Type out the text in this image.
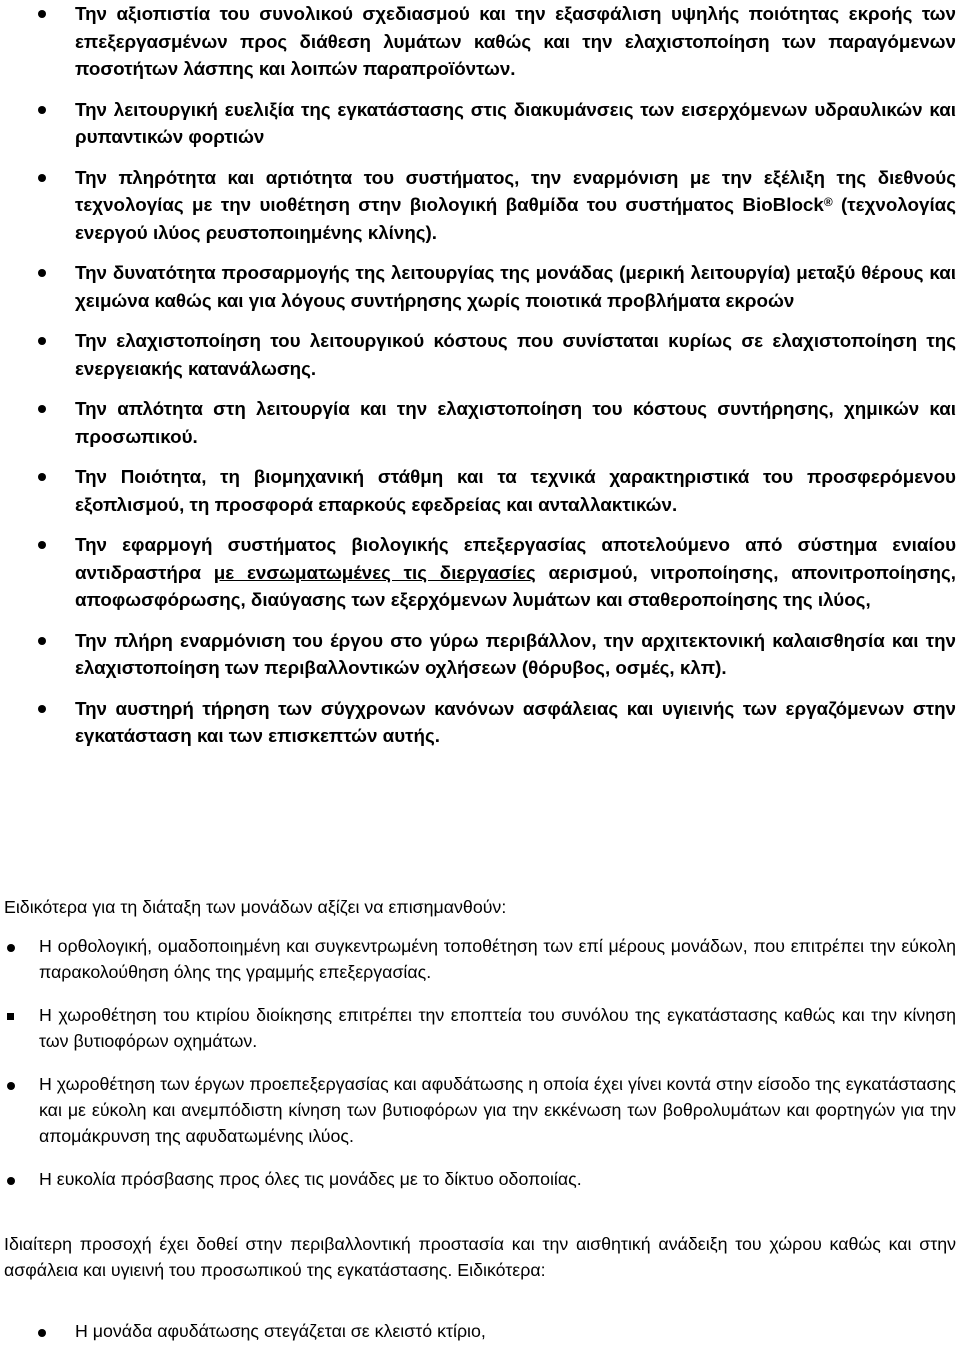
Την αξιοπιστία του συνολικού σχεδιασμού και την εξασφάλιση υψηλής ποιότητας εκροής των επεξεργασμένων προς διάθεση λυμάτων καθώς και την ελαχιστοποίηση των παραγόμενων ποσοτήτων λάσπης και λοιπών παραπροϊόντων.
Την λειτουργική ευελιξία της εγκατάστασης στις διακυμάνσεις των εισερχόμενων υδραυλικών και ρυπαντικών φορτιών
Την πληρότητα και αρτιότητα του συστήματος, την εναρμόνιση με την εξέλιξη της διεθνούς τεχνολογίας με την υιοθέτηση στην βιολογική βαθμίδα του συστήματος BioBlock® (τεχνολογίας ενεργού ιλύος ρευστοποιημένης κλίνης).
Την δυνατότητα προσαρμογής της λειτουργίας της μονάδας (μερική λειτουργία) μεταξύ θέρους και χειμώνα καθώς και για λόγους συντήρησης χωρίς ποιοτικά προβλήματα εκροών
Την ελαχιστοποίηση του λειτουργικού κόστους που συνίσταται κυρίως σε ελαχιστοποίηση της ενεργειακής κατανάλωσης.
Την απλότητα στη λειτουργία και την ελαχιστοποίηση του κόστους συντήρησης, χημικών και προσωπικού.
Την Ποιότητα, τη βιομηχανική στάθμη και τα τεχνικά χαρακτηριστικά του προσφερόμενου εξοπλισμού, τη προσφορά επαρκούς εφεδρείας και ανταλλακτικών.
Την εφαρμογή συστήματος βιολογικής επεξεργασίας αποτελούμενο από σύστημα ενιαίου αντιδραστήρα με ενσωματωμένες τις διεργασίες αερισμού, νιτροποίησης, απονιτροποίησης, αποφωσφόρωσης, διαύγασης των εξερχόμενων λυμάτων και σταθεροποίησης της ιλύος,
Την πλήρη εναρμόνιση του έργου στο γύρω περιβάλλον, την αρχιτεκτονική καλαισθησία και την ελαχιστοποίηση των περιβαλλοντικών οχλήσεων (θόρυβος, οσμές, κλπ).
Την αυστηρή τήρηση των σύγχρονων κανόνων ασφάλειας και υγιεινής των εργαζόμενων στην εγκατάσταση και των επισκεπτών αυτής.
Ειδικότερα για τη διάταξη των μονάδων αξίζει να επισημανθούν:
Η ορθολογική, ομαδοποιημένη και συγκεντρωμένη τοποθέτηση των επί μέρους μονάδων, που επιτρέπει την εύκολη παρακολούθηση όλης της γραμμής επεξεργασίας.
Η χωροθέτηση του κτιρίου διοίκησης επιτρέπει την εποπτεία του συνόλου της εγκατάστασης καθώς και την κίνηση των βυτιοφόρων οχημάτων.
Η χωροθέτηση των έργων προεπεξεργασίας και αφυδάτωσης η οποία έχει γίνει κοντά στην είσοδο της εγκατάστασης και με εύκολη και ανεμπόδιστη κίνηση των βυτιοφόρων για την εκκένωση των βοθρολυμάτων και φορτηγών για την απομάκρυνση της αφυδατωμένης ιλύος.
Η ευκολία πρόσβασης προς όλες τις μονάδες με το δίκτυο οδοποιίας.
Ιδιαίτερη προσοχή έχει δοθεί στην περιβαλλοντική προστασία και την αισθητική ανάδειξη του χώρου καθώς και στην ασφάλεια και υγιεινή του προσωπικού της εγκατάστασης. Ειδικότερα:
Η μονάδα αφυδάτωσης στεγάζεται σε κλειστό κτίριο,
